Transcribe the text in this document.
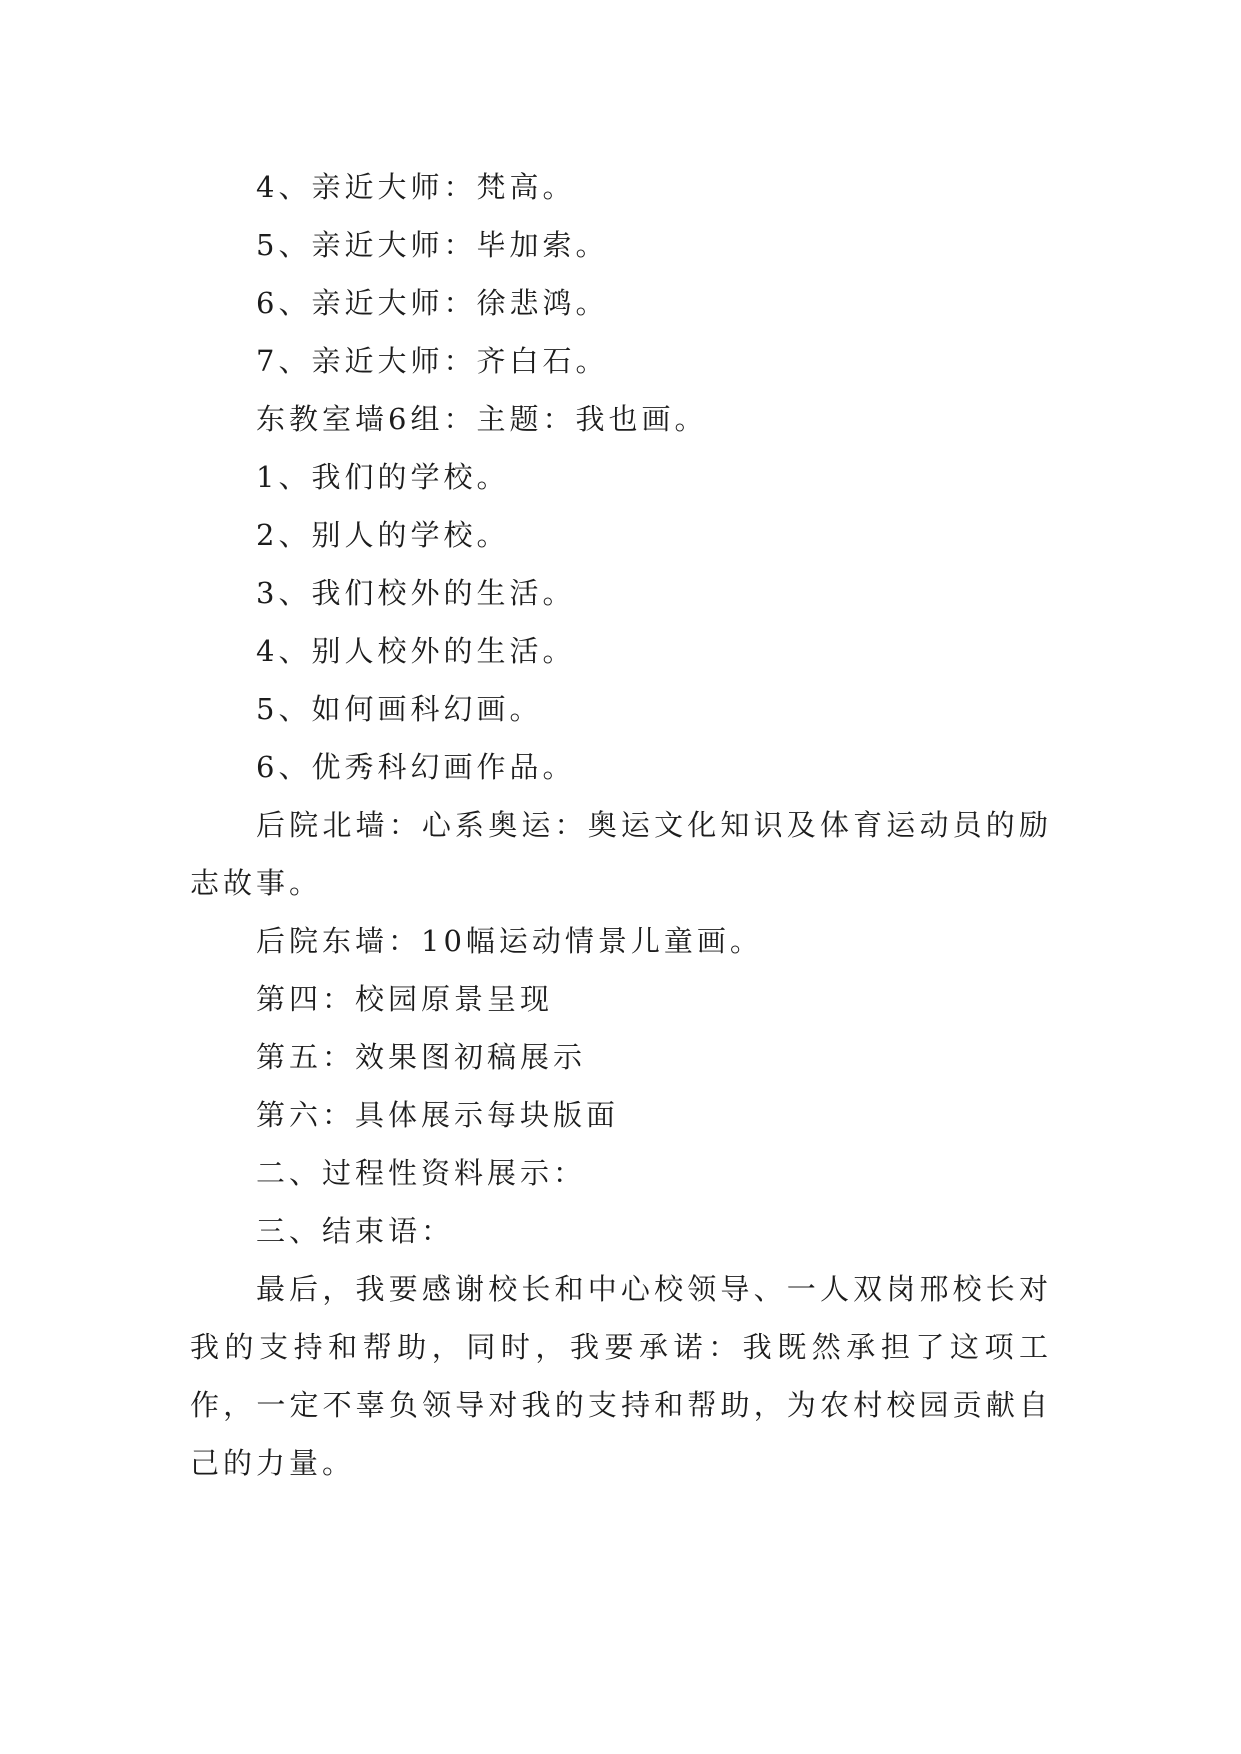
4、亲近大师：梵高。

5、亲近大师：毕加索。

6、亲近大师：徐悲鸿。

7、亲近大师：齐白石。

东教室墙6组：主题：我也画。

1、我们的学校。

2、别人的学校。

3、我们校外的生活。

4、别人校外的生活。

5、如何画科幻画。

6、优秀科幻画作品。

后院北墙：心系奥运：奥运文化知识及体育运动员的励志故事。

后院东墙：10幅运动情景儿童画。

第四：校园原景呈现

第五：效果图初稿展示

第六：具体展示每块版面

二、过程性资料展示：

三、结束语：

最后，我要感谢校长和中心校领导、一人双岗邢校长对我的支持和帮助，同时，我要承诺：我既然承担了这项工作，一定不辜负领导对我的支持和帮助，为农村校园贡献自己的力量。
